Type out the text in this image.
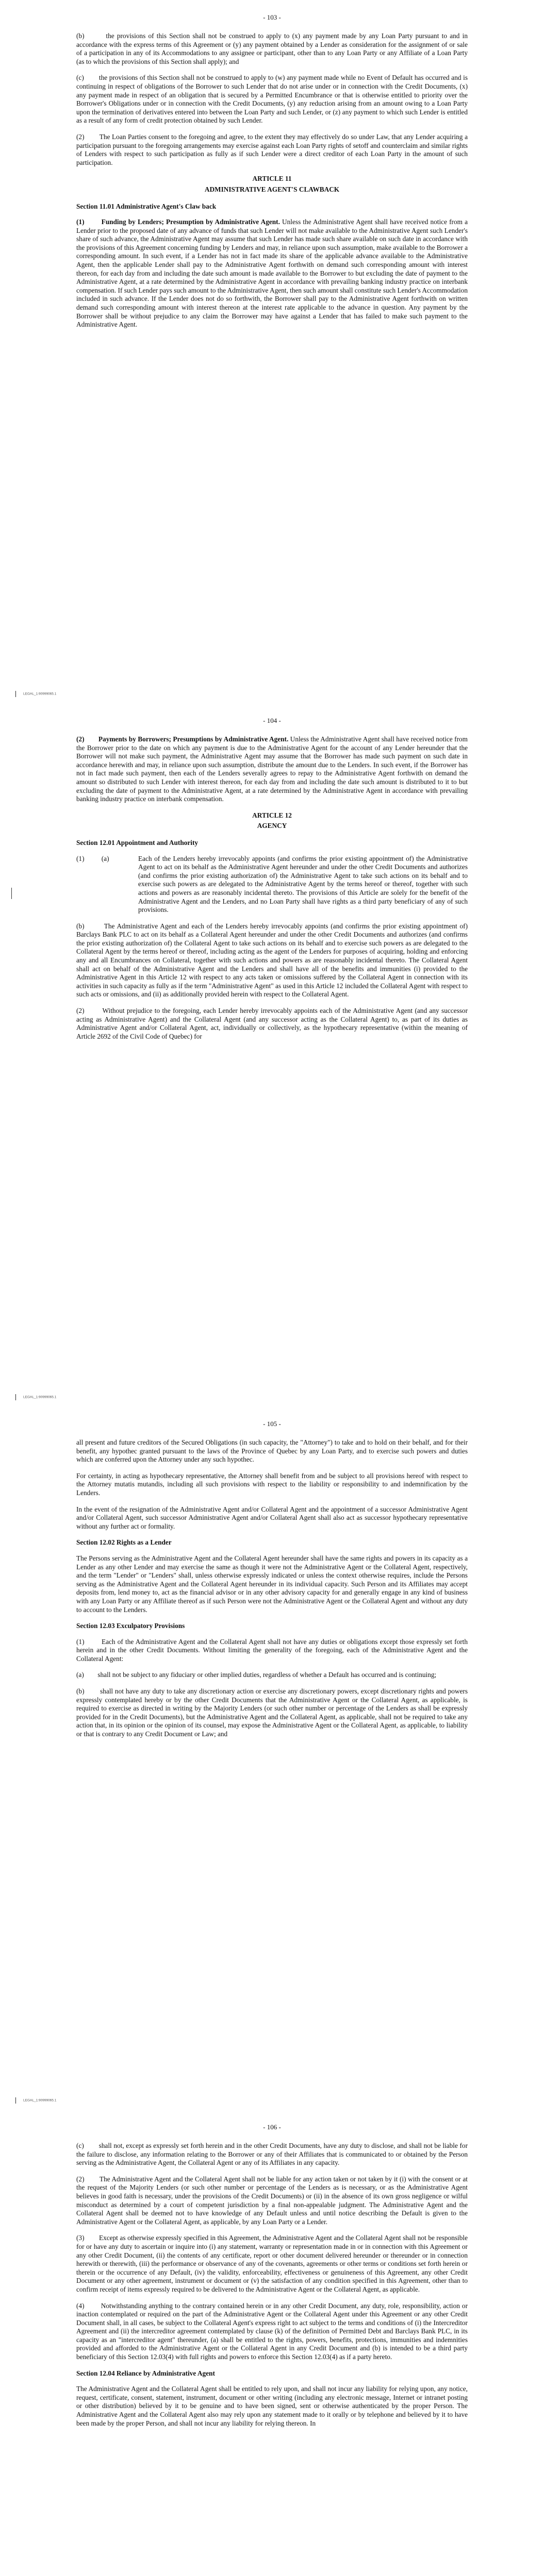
- 103 -

(b)        the provisions of this Section shall not be construed to apply to (x) any payment made by any Loan Party pursuant to and in accordance with the express terms of this Agreement or (y) any payment obtained by a Lender as consideration for the assignment of or sale of a participation in any of its Accommodations to any assignee or participant, other than to any Loan Party or any Affiliate of a Loan Party (as to which the provisions of this Section shall apply); and

(c)        the provisions of this Section shall not be construed to apply to (w) any payment made while no Event of Default has occurred and is continuing in respect of obligations of the Borrower to such Lender that do not arise under or in connection with the Credit Documents, (x) any payment made in respect of an obligation that is secured by a Permitted Encumbrance or that is otherwise entitled to priority over the Borrower's Obligations under or in connection with the Credit Documents, (y) any reduction arising from an amount owing to a Loan Party upon the termination of derivatives entered into between the Loan Party and such Lender, or (z) any payment to which such Lender is entitled as a result of any form of credit protection obtained by such Lender.

(2)        The Loan Parties consent to the foregoing and agree, to the extent they may effectively do so under Law, that any Lender acquiring a participation pursuant to the foregoing arrangements may exercise against each Loan Party rights of setoff and counterclaim and similar rights of Lenders with respect to such participation as fully as if such Lender were a direct creditor of each Loan Party in the amount of such participation.

ARTICLE 11
ADMINISTRATIVE AGENT'S CLAWBACK
Section 11.01 Administrative Agent's Claw back

(1)        Funding by Lenders; Presumption by Administrative Agent. Unless the Administrative Agent shall have received notice from a Lender prior to the proposed date of any advance of funds that such Lender will not make available to the Administrative Agent such Lender's share of such advance, the Administrative Agent may assume that such Lender has made such share available on such date in accordance with the provisions of this Agreement concerning funding by Lenders and may, in reliance upon such assumption, make available to the Borrower a corresponding amount. In such event, if a Lender has not in fact made its share of the applicable advance available to the Administrative Agent, then the applicable Lender shall pay to the Administrative Agent forthwith on demand such corresponding amount with interest thereon, for each day from and including the date such amount is made available to the Borrower to but excluding the date of payment to the Administrative Agent, at a rate determined by the Administrative Agent in accordance with prevailing banking industry practice on interbank compensation. If such Lender pays such amount to the Administrative Agent, then such amount shall constitute such Lender's Accommodation included in such advance. If the Lender does not do so forthwith, the Borrower shall pay to the Administrative Agent forthwith on written demand such corresponding amount with interest thereon at the interest rate applicable to the advance in question. Any payment by the Borrower shall be without prejudice to any claim the Borrower may have against a Lender that has failed to make such payment to the Administrative Agent.

LEGAL_1:90999065.1
- 104 -

(2)        Payments by Borrowers; Presumptions by Administrative Agent. Unless the Administrative Agent shall have received notice from the Borrower prior to the date on which any payment is due to the Administrative Agent for the account of any Lender hereunder that the Borrower will not make such payment, the Administrative Agent may assume that the Borrower has made such payment on such date in accordance herewith and may, in reliance upon such assumption, distribute the amount due to the Lenders. In such event, if the Borrower has not in fact made such payment, then each of the Lenders severally agrees to repay to the Administrative Agent forthwith on demand the amount so distributed to such Lender with interest thereon, for each day from and including the date such amount is distributed to it to but excluding the date of payment to the Administrative Agent, at a rate determined by the Administrative Agent in accordance with prevailing banking industry practice on interbank compensation.

ARTICLE 12
AGENCY
Section 12.01 Appointment and Authority

(1)          (a)	Each of the Lenders hereby irrevocably appoints (and confirms the prior existing appointment of) the Administrative Agent to act on its behalf as the Administrative Agent hereunder and under the other Credit Documents and authorizes (and confirms the prior existing authorization of) the Administrative Agent to take such actions on its behalf and to exercise such powers as are delegated to the Administrative Agent by the terms hereof or thereof, together with such actions and powers as are reasonably incidental thereto. The provisions of this Article are solely for the benefit of the Administrative Agent and the Lenders, and no Loan Party shall have rights as a third party beneficiary of any of such provisions.

(b)        The Administrative Agent and each of the Lenders hereby irrevocably appoints (and confirms the prior existing appointment of) Barclays Bank PLC to act on its behalf as a Collateral Agent hereunder and under the other Credit Documents and authorizes (and confirms the prior existing authorization of) the Collateral Agent to take such actions on its behalf and to exercise such powers as are delegated to the Collateral Agent by the terms hereof or thereof, including acting as the agent of the Lenders for purposes of acquiring, holding and enforcing any and all Encumbrances on Collateral, together with such actions and powers as are reasonably incidental thereto. The Collateral Agent shall act on behalf of the Administrative Agent and the Lenders and shall have all of the benefits and immunities (i) provided to the Administrative Agent in this Article 12 with respect to any acts taken or omissions suffered by the Collateral Agent in connection with its activities in such capacity as fully as if the term "Administrative Agent" as used in this Article 12 included the Collateral Agent with respect to such acts or omissions, and (ii) as additionally provided herein with respect to the Collateral Agent.

(2)        Without prejudice to the foregoing, each Lender hereby irrevocably appoints each of the Administrative Agent (and any successor acting as Administrative Agent) and the Collateral Agent (and any successor acting as the Collateral Agent) to, as part of its duties as Administrative Agent and/or Collateral Agent, act, individually or collectively, as the hypothecary representative (within the meaning of Article 2692 of the Civil Code of Quebec) for

LEGAL_1:90999065.1
- 105 -

all present and future creditors of the Secured Obligations (in such capacity, the "Attorney") to take and to hold on their behalf, and for their benefit, any hypothec granted pursuant to the laws of the Province of Quebec by any Loan Party, and to exercise such powers and duties which are conferred upon the Attorney under any such hypothec.

For certainty, in acting as hypothecary representative, the Attorney shall benefit from and be subject to all provisions hereof with respect to the Attorney mutatis mutandis, including all such provisions with respect to the liability or responsibility to and indemnification by the Lenders.

In the event of the resignation of the Administrative Agent and/or Collateral Agent and the appointment of a successor Administrative Agent and/or Collateral Agent, such successor Administrative Agent and/or Collateral Agent shall also act as successor hypothecary representative without any further act or formality.

Section 12.02 Rights as a Lender

The Persons serving as the Administrative Agent and the Collateral Agent hereunder shall have the same rights and powers in its capacity as a Lender as any other Lender and may exercise the same as though it were not the Administrative Agent or the Collateral Agent, respectively, and the term "Lender" or "Lenders" shall, unless otherwise expressly indicated or unless the context otherwise requires, include the Persons serving as the Administrative Agent and the Collateral Agent hereunder in its individual capacity. Such Person and its Affiliates may accept deposits from, lend money to, act as the financial advisor or in any other advisory capacity for and generally engage in any kind of business with any Loan Party or any Affiliate thereof as if such Person were not the Administrative Agent or the Collateral Agent and without any duty to account to the Lenders.

Section 12.03 Exculpatory Provisions

(1)        Each of the Administrative Agent and the Collateral Agent shall not have any duties or obligations except those expressly set forth herein and in the other Credit Documents. Without limiting the generality of the foregoing, each of the Administrative Agent and the Collateral Agent:

(a)        shall not be subject to any fiduciary or other implied duties, regardless of whether a Default has occurred and is continuing;

(b)        shall not have any duty to take any discretionary action or exercise any discretionary powers, except discretionary rights and powers expressly contemplated hereby or by the other Credit Documents that the Administrative Agent or the Collateral Agent, as applicable, is required to exercise as directed in writing by the Majority Lenders (or such other number or percentage of the Lenders as shall be expressly provided for in the Credit Documents), but the Administrative Agent and the Collateral Agent, as applicable, shall not be required to take any action that, in its opinion or the opinion of its counsel, may expose the Administrative Agent or the Collateral Agent, as applicable, to liability or that is contrary to any Credit Document or Law; and

LEGAL_1:90999065.1
- 106 -

(c)        shall not, except as expressly set forth herein and in the other Credit Documents, have any duty to disclose, and shall not be liable for the failure to disclose, any information relating to the Borrower or any of their Affiliates that is communicated to or obtained by the Person serving as the Administrative Agent, the Collateral Agent or any of its Affiliates in any capacity.

(2)        The Administrative Agent and the Collateral Agent shall not be liable for any action taken or not taken by it (i) with the consent or at the request of the Majority Lenders (or such other number or percentage of the Lenders as is necessary, or as the Administrative Agent believes in good faith is necessary, under the provisions of the Credit Documents) or (ii) in the absence of its own gross negligence or wilful misconduct as determined by a court of competent jurisdiction by a final non-appealable judgment. The Administrative Agent and the Collateral Agent shall be deemed not to have knowledge of any Default unless and until notice describing the Default is given to the Administrative Agent or the Collateral Agent, as applicable, by any Loan Party or a Lender.

(3)        Except as otherwise expressly specified in this Agreement, the Administrative Agent and the Collateral Agent shall not be responsible for or have any duty to ascertain or inquire into (i) any statement, warranty or representation made in or in connection with this Agreement or any other Credit Document, (ii) the contents of any certificate, report or other document delivered hereunder or thereunder or in connection herewith or therewith, (iii) the performance or observance of any of the covenants, agreements or other terms or conditions set forth herein or therein or the occurrence of any Default, (iv) the validity, enforceability, effectiveness or genuineness of this Agreement, any other Credit Document or any other agreement, instrument or document or (v) the satisfaction of any condition specified in this Agreement, other than to confirm receipt of items expressly required to be delivered to the Administrative Agent or the Collateral Agent, as applicable.

(4)        Notwithstanding anything to the contrary contained herein or in any other Credit Document, any duty, role, responsibility, action or inaction contemplated or required on the part of the Administrative Agent or the Collateral Agent under this Agreement or any other Credit Document shall, in all cases, be subject to the Collateral Agent's express right to act subject to the terms and conditions of (i) the Intercreditor Agreement and (ii) the intercreditor agreement contemplated by clause (k) of the definition of Permitted Debt and Barclays Bank PLC, in its capacity as an "intercreditor agent" thereunder, (a) shall be entitled to the rights, powers, benefits, protections, immunities and indemnities provided and afforded to the Administrative Agent or the Collateral Agent in any Credit Document and (b) is intended to be a third party beneficiary of this Section 12.03(4) with full rights and powers to enforce this Section 12.03(4) as if a party hereto.

Section 12.04 Reliance by Administrative Agent

The Administrative Agent and the Collateral Agent shall be entitled to rely upon, and shall not incur any liability for relying upon, any notice, request, certificate, consent, statement, instrument, document or other writing (including any electronic message, Internet or intranet posting or other distribution) believed by it to be genuine and to have been signed, sent or otherwise authenticated by the proper Person. The Administrative Agent and the Collateral Agent also may rely upon any statement made to it orally or by telephone and believed by it to have been made by the proper Person, and shall not incur any liability for relying thereon. In
